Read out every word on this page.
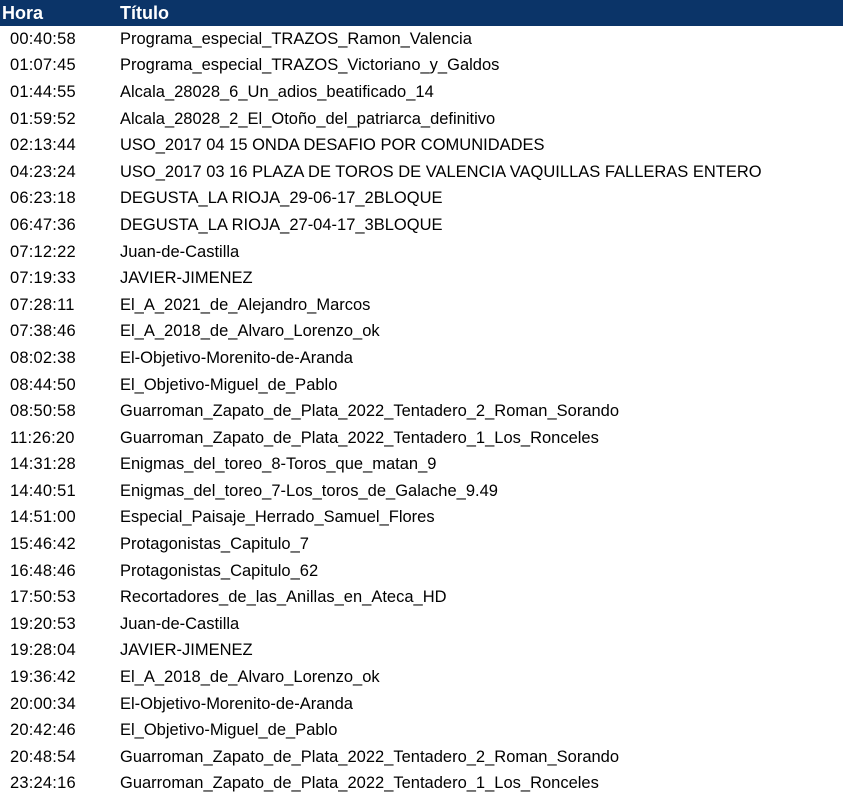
Hora	Título
00:40:58	Programa_especial_TRAZOS_Ramon_Valencia
01:07:45	Programa_especial_TRAZOS_Victoriano_y_Galdos
01:44:55	Alcala_28028_6_Un_adios_beatificado_14
01:59:52	Alcala_28028_2_El_Otoño_del_patriarca_definitivo
02:13:44	USO_2017 04 15 ONDA DESAFIO POR COMUNIDADES
04:23:24	USO_2017 03 16 PLAZA DE TOROS DE VALENCIA VAQUILLAS FALLERAS ENTERO
06:23:18	DEGUSTA_LA RIOJA_29-06-17_2BLOQUE
06:47:36	DEGUSTA_LA RIOJA_27-04-17_3BLOQUE
07:12:22	Juan-de-Castilla
07:19:33	JAVIER-JIMENEZ
07:28:11	El_A_2021_de_Alejandro_Marcos
07:38:46	El_A_2018_de_Alvaro_Lorenzo_ok
08:02:38	El-Objetivo-Morenito-de-Aranda
08:44:50	El_Objetivo-Miguel_de_Pablo
08:50:58	Guarroman_Zapato_de_Plata_2022_Tentadero_2_Roman_Sorando
11:26:20	Guarroman_Zapato_de_Plata_2022_Tentadero_1_Los_Ronceles
14:31:28	Enigmas_del_toreo_8-Toros_que_matan_9
14:40:51	Enigmas_del_toreo_7-Los_toros_de_Galache_9.49
14:51:00	Especial_Paisaje_Herrado_Samuel_Flores
15:46:42	Protagonistas_Capitulo_7
16:48:46	Protagonistas_Capitulo_62
17:50:53	Recortadores_de_las_Anillas_en_Ateca_HD
19:20:53	Juan-de-Castilla
19:28:04	JAVIER-JIMENEZ
19:36:42	El_A_2018_de_Alvaro_Lorenzo_ok
20:00:34	El-Objetivo-Morenito-de-Aranda
20:42:46	El_Objetivo-Miguel_de_Pablo
20:48:54	Guarroman_Zapato_de_Plata_2022_Tentadero_2_Roman_Sorando
23:24:16	Guarroman_Zapato_de_Plata_2022_Tentadero_1_Los_Ronceles
